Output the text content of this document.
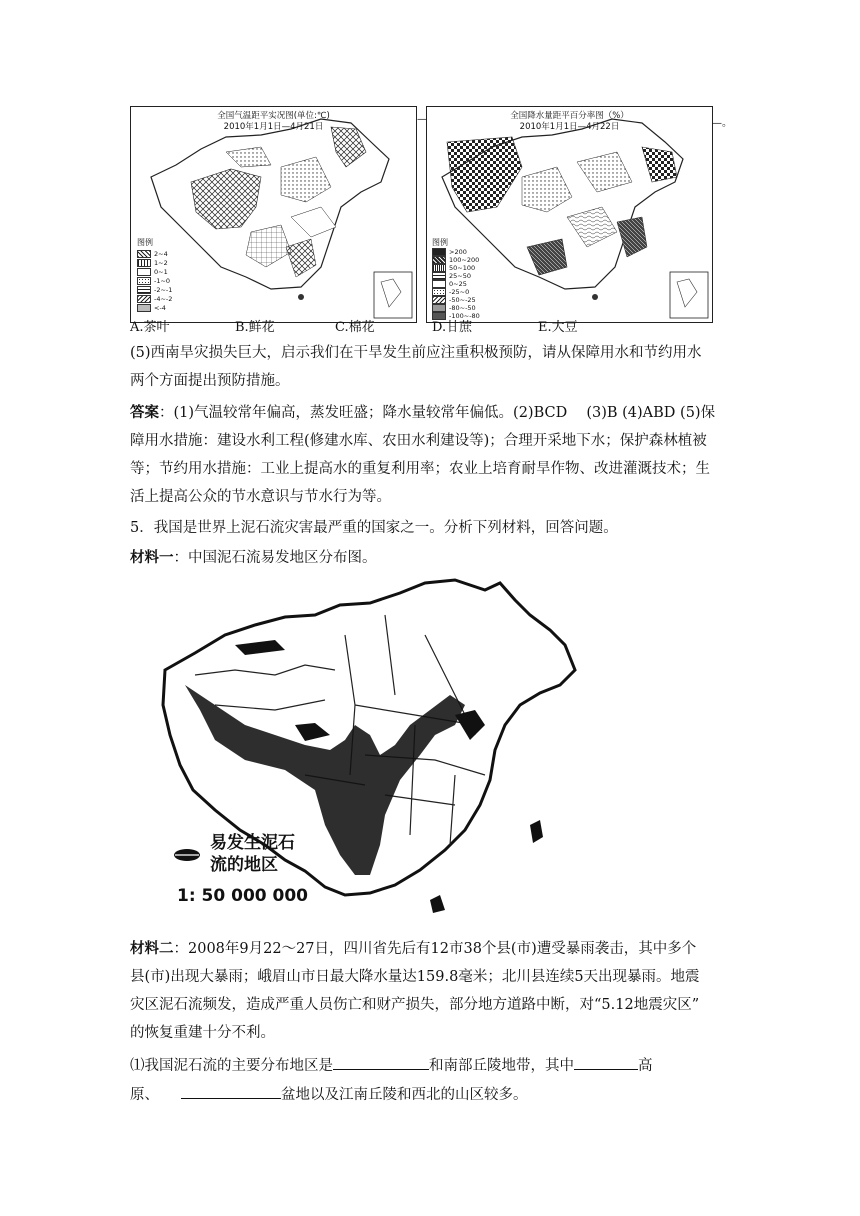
全国气温距平实况图(单位:℃)
2010年1月1日—4月21日
图例
2~4
1~2
0~1
-1~0
-2~-1
-4~-2
<-4
全国降水量距平百分率图（%）
2010年1月1日—4月22日
图例
>200
100~200
50~100
25~50
0~25
-25~0
-50~-25
-80~-50
-100~-80
—	—。
A.茶叶	B.鲜花	C.棉花	D.甘蔗	E.大豆
(5)西南旱灾损失巨大，启示我们在干旱发生前应注重积极预防，请从保障用水和节约用水
两个方面提出预防措施。
答案：(1)气温较常年偏高，蒸发旺盛；降水量较常年偏低。(2)BCD　 (3)B (4)ABD (5)保
障用水措施：建设水利工程(修建水库、农田水利建设等)；合理开采地下水；保护森林植被
等；节约用水措施：工业上提高水的重复利用率；农业上培育耐旱作物、改进灌溉技术；生
活上提高公众的节水意识与节水行为等。
5．我国是世界上泥石流灾害最严重的国家之一。分析下列材料，回答问题。
材料一：中国泥石流易发地区分布图。
易发生泥石
流的地区
1: 50 000 000
材料二：2008年9月22～27日，四川省先后有12市38个县(市)遭受暴雨袭击，其中多个
县(市)出现大暴雨；峨眉山市日最大降水量达159.8毫米；北川县连续5天出现暴雨。地震
灾区泥石流频发，造成严重人员伤亡和财产损失，部分地方道路中断，对“5.12地震灾区”
的恢复重建十分不利。
⑴我国泥石流的主要分布地区是	和南部丘陵地带，其中	高
原、	盆地以及江南丘陵和西北的山区较多。
